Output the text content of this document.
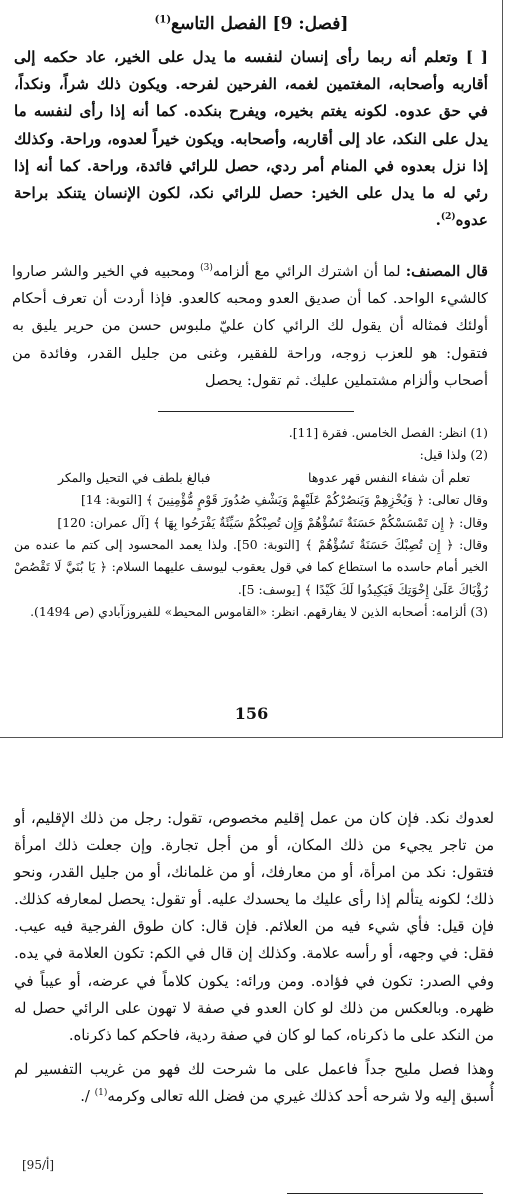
[فصل: 9] الفصل التاسع$^{(1)}$
[ ] وتعلم أنه ربما رأى إنسان لنفسه ما يدل على الخير، عاد حكمه إلى أقاربه وأصحابه، المغتمين لغمه، الفرحين لفرحه. ويكون ذلك شراً، ونكداً، في حق عدوه. لكونه يغتم بخيره، ويفرح بنكده. كما أنه إذا رأى لنفسه ما يدل على النكد، عاد إلى أقاربه، وأصحابه. ويكون خيراً لعدوه، وراحة. وكذلك إذا نزل بعدوه في المنام أمر ردي، حصل للرائي فائدة، وراحة. كما أنه إذا رئي له ما يدل على الخير: حصل للرائي نكد، لكون الإنسان يتنكد براحة عدوه$^{(2)}$.
قال المصنف: لما أن اشترك الرائي مع ألزامه$^{(3)}$ ومحبيه في الخير والشر صاروا كالشيء الواحد. كما أن صديق العدو ومحبه كالعدو. فإذا أردت أن تعرف أحكام أولئك فمثاله أن يقول لك الرائي كان عليّ ملبوس حسن من حرير يليق به فتقول: هو للعزب زوجه، وراحة للفقير، وغنى من جليل القدر، وفائدة من أصحاب وألزام مشتملين عليك. ثم تقول: يحصل

(1) انظر: الفصل الخامس. فقرة [11].

(2) ولذا قيل:

تعلم أن شفاء النفس قهر عدوها
فبالغ بلطف في التحيل والمكر

وقال تعالى: ﴿ وَيُخْزِهِمْ وَيَنصُرْكُمْ عَلَيْهِمْ وَيَشْفِ صُدُورَ قَوْمٍ مُّؤْمِنِينَ ﴾ [التوبة: 14]

وقال: ﴿ إِن تَمْسَسْكُمْ حَسَنَةٌ تَسُؤْهُمْ وَإِن تُصِبْكُمْ سَيِّئَةٌ يَفْرَحُوا بِهَا ﴾ [آل عمران: 120]

وقال: ﴿ إِن تُصِبْكَ حَسَنَةٌ تَسُؤْهُمْ ﴾ [التوبة: 50]. ولذا يعمد المحسود إلى كتم ما عنده من الخير أمام حاسده ما استطاع كما في قول يعقوب ليوسف عليهما السلام: ﴿ يَا بُنَيَّ لَا تَقْصُصْ رُؤْيَاكَ عَلَىٰ إِخْوَتِكَ فَيَكِيدُوا لَكَ كَيْدًا ﴾ [يوسف: 5].

(3) ألزامه: أصحابه الذين لا يفارقهم. انظر: «القاموس المحيط» للفيروزآبادي (ص 1494).

156

لعدوك نكد. فإن كان من عمل إقليم مخصوص، تقول: رجل من ذلك الإقليم، أو من تاجر يجيء من ذلك المكان، أو من أجل تجارة. وإن جعلت ذلك امرأة فتقول: نكد من امرأة، أو من معارفك، أو من غلمانك، أو من جليل القدر، ونحو ذلك؛ لكونه يتألم إذا رأى عليك ما يحسدك عليه. أو تقول: يحصل لمعارفه كذلك. فإن قيل: فأي شيء فيه من العلائم. فإن قال: كان طوق الفرجية فيه عيب. فقل: في وجهه، أو رأسه علامة. وكذلك إن قال في الكم: تكون العلامة في يده. وفي الصدر: تكون في فؤاده. ومن ورائه: يكون كلاماً في عرضه، أو عيباً في ظهره. وبالعكس من ذلك لو كان العدو في صفة لا تهون على الرائي حصل له من النكد على ما ذكرناه، كما لو كان في صفة ردية، فاحكم كما ذكرناه.

وهذا فصل مليح جداً فاعمل على ما شرحت لك فهو من غريب التفسير لم أُسبق إليه ولا شرحه أحد كذلك غيري من فضل الله تعالى وكرمه$^{(1)}$ /.

[95/أ]
